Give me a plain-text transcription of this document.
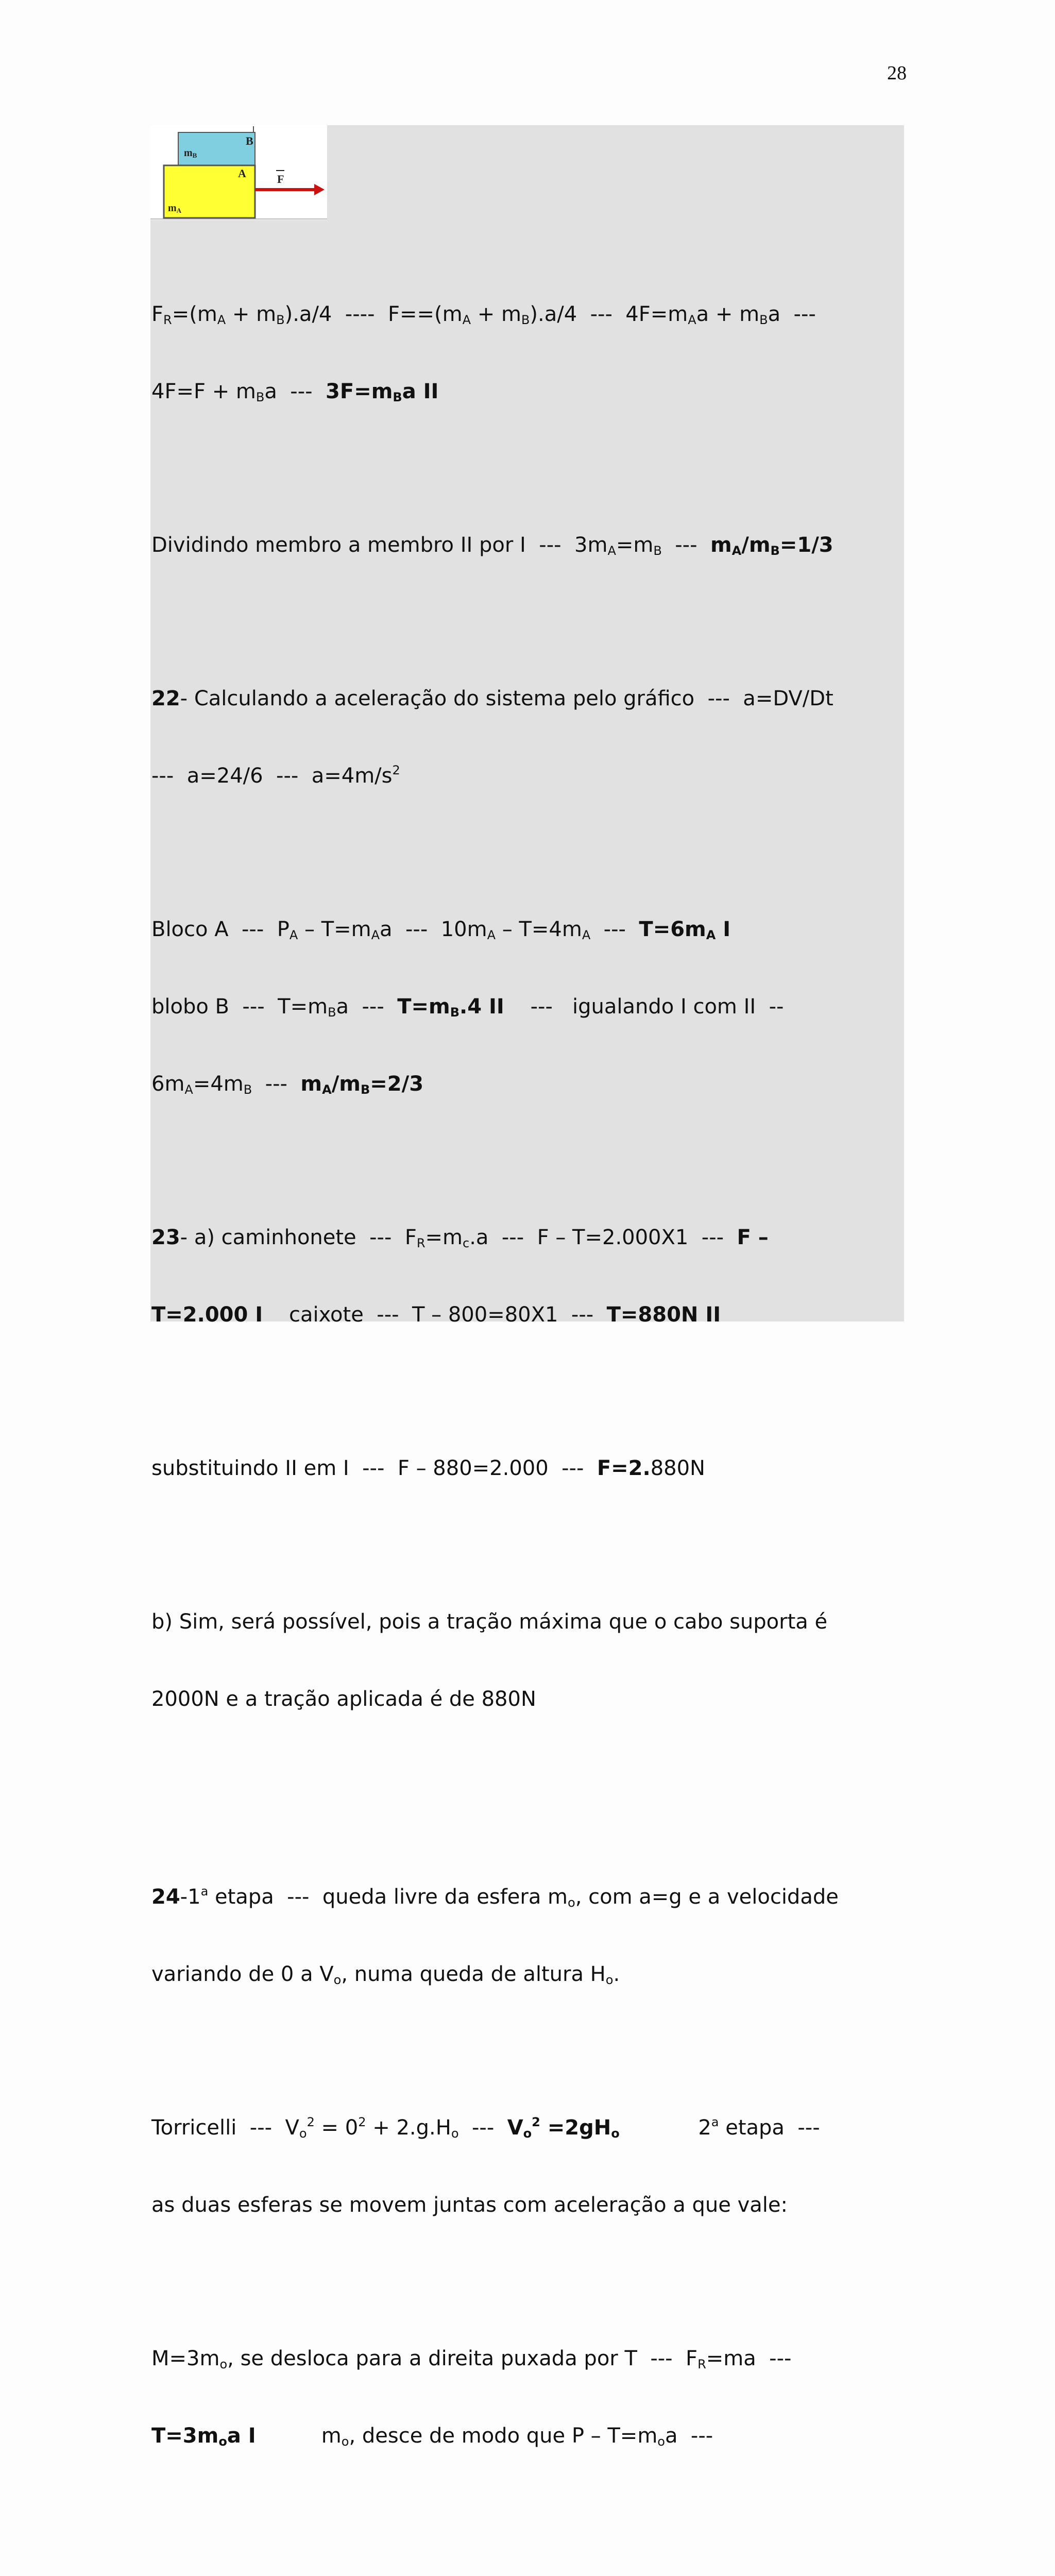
28
B
mB
A
mA
F

$F_R=(m_A + m_B).a/4$  ----  $F==(m_A + m_B).a/4$  ---  $4F=m_Aa + m_Ba$  ---

$4F=F + m_Ba$  ---  $3F=m_Ba$ II

Dividindo membro a membro II por I  ---  $3m_A=m_B$  ---  $m_A/m_B=1/3$

22- Calculando a aceleração do sistema pelo gráfico  ---  a=DV/Dt

---  a=24/6  ---  $a=4m/s^2$

Bloco A  ---  $P_A - T=m_Aa$  ---  $10m_A - T=4m_A$  ---  $T=6m_A$ I

blobo B  ---  $T=m_Ba$  ---  $T=m_B.4$ II    ---   igualando I com II  --

$6m_A=4m_B$  ---  $m_A/m_B=2/3$

23- a) caminhonete  ---  $F_R=m_c.a$  ---  F – T=2.000X1  ---  F –

T=2.000 I    caixote  ---  T – 800=80X1  ---  T=880N II

substituindo II em I  ---  F – 880=2.000  ---  F=2.880N

b) Sim, será possível, pois a tração máxima que o cabo suporta é

2000N e a tração aplicada é de 880N

24-1$^a$ etapa  ---  queda livre da esfera $m_o$, com a=g e a velocidade

variando de 0 a $V_o$, numa queda de altura $H_o$.

Torricelli  ---  $V_o^2 = 0^2 + 2.g.H_o$  ---  $V_o^2 =2gH_o$            2$^a$ etapa  ---

as duas esferas se movem juntas com aceleração a que vale:

$M=3m_o$, se desloca para a direita puxada por T  ---  $F_R=ma$  ---

$T=3m_oa$ I          $m_o$, desce de modo que $P - T=m_oa$  ---
